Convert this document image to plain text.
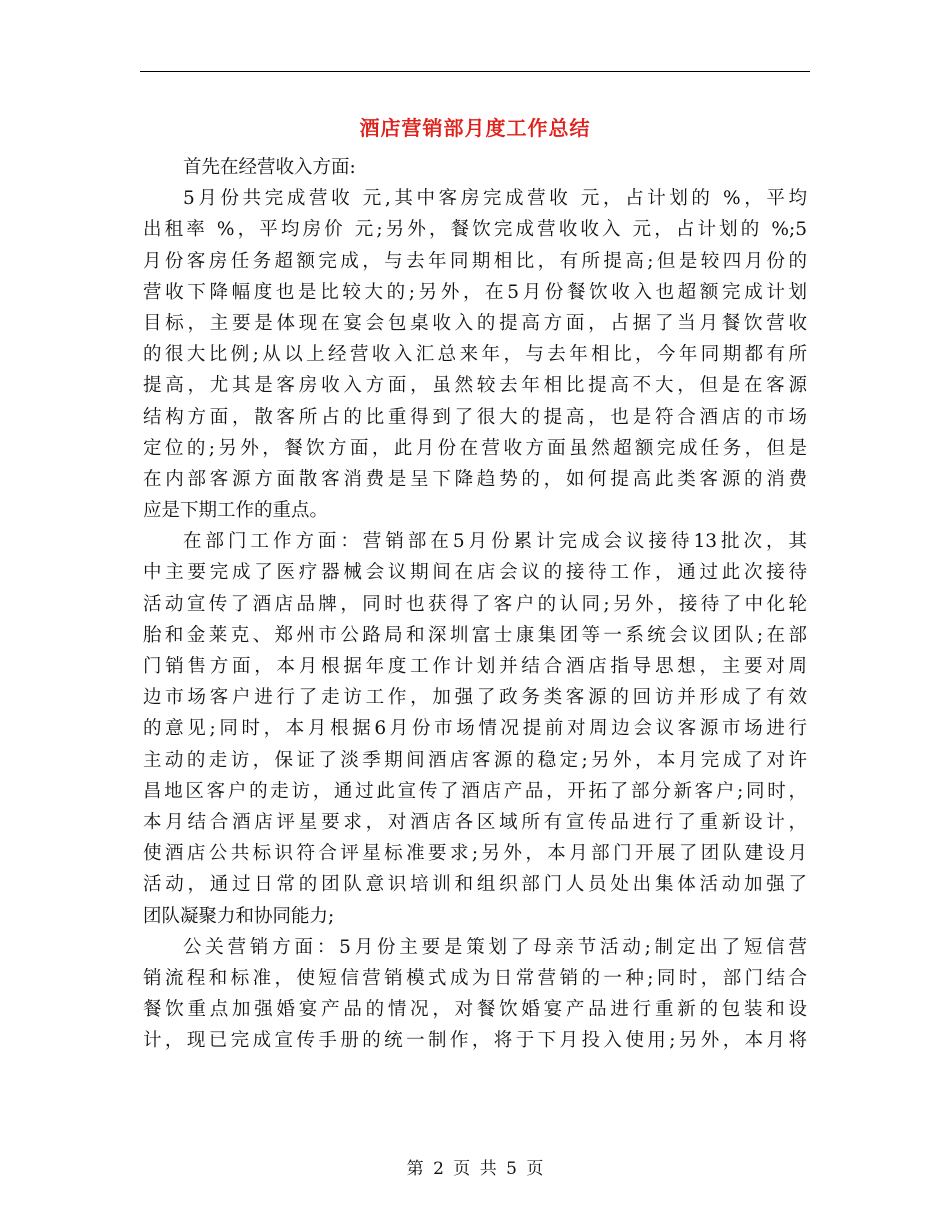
酒店营销部月度工作总结
首先在经营收入方面:
5月份共完成营收 元,其中客房完成营收 元，占计划的 %，平均
出租率 %，平均房价 元;另外，餐饮完成营收收入 元，占计划的 %;5
月份客房任务超额完成，与去年同期相比，有所提高;但是较四月份的
营收下降幅度也是比较大的;另外，在5月份餐饮收入也超额完成计划
目标，主要是体现在宴会包桌收入的提高方面，占据了当月餐饮营收
的很大比例;从以上经营收入汇总来年，与去年相比，今年同期都有所
提高，尤其是客房收入方面，虽然较去年相比提高不大，但是在客源
结构方面，散客所占的比重得到了很大的提高，也是符合酒店的市场
定位的;另外，餐饮方面，此月份在营收方面虽然超额完成任务，但是
在内部客源方面散客消费是呈下降趋势的，如何提高此类客源的消费
应是下期工作的重点。
在部门工作方面：营销部在5月份累计完成会议接待13批次，其
中主要完成了医疗器械会议期间在店会议的接待工作，通过此次接待
活动宣传了酒店品牌，同时也获得了客户的认同;另外，接待了中化轮
胎和金莱克、郑州市公路局和深圳富士康集团等一系统会议团队;在部
门销售方面，本月根据年度工作计划并结合酒店指导思想，主要对周
边市场客户进行了走访工作，加强了政务类客源的回访并形成了有效
的意见;同时，本月根据6月份市场情况提前对周边会议客源市场进行
主动的走访，保证了淡季期间酒店客源的稳定;另外，本月完成了对许
昌地区客户的走访，通过此宣传了酒店产品，开拓了部分新客户;同时，
本月结合酒店评星要求，对酒店各区域所有宣传品进行了重新设计，
使酒店公共标识符合评星标准要求;另外，本月部门开展了团队建设月
活动，通过日常的团队意识培训和组织部门人员处出集体活动加强了
团队凝聚力和协同能力;
公关营销方面：5月份主要是策划了母亲节活动;制定出了短信营
销流程和标准，使短信营销模式成为日常营销的一种;同时，部门结合
餐饮重点加强婚宴产品的情况，对餐饮婚宴产品进行重新的包装和设
计，现已完成宣传手册的统一制作，将于下月投入使用;另外，本月将
第 2 页 共 5 页
